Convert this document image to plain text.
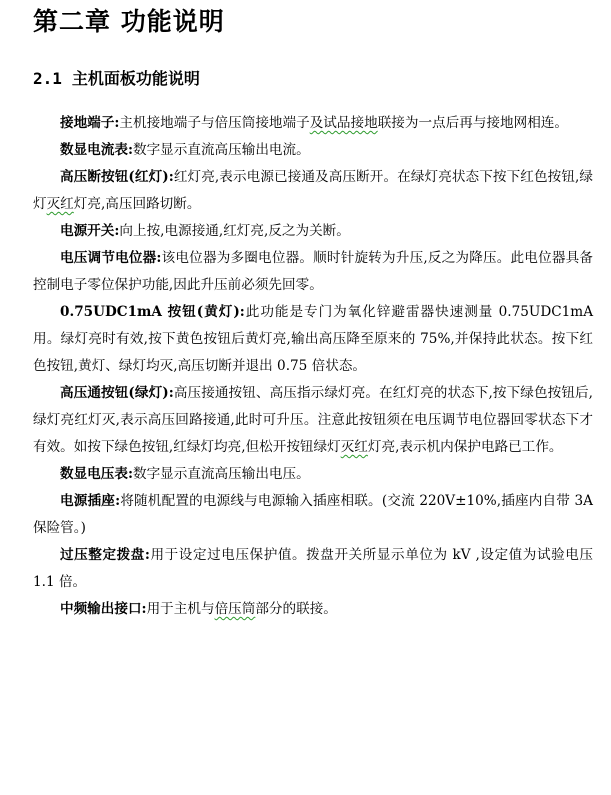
第二章 功能说明
2.1 主机面板功能说明

接地端子:主机接地端子与倍压筒接地端子及试品接地联接为一点后再与接地网相连。

数显电流表:数字显示直流高压输出电流。

高压断按钮(红灯):红灯亮,表示电源已接通及高压断开。在绿灯亮状态下按下红色按钮,绿灯灭红灯亮,高压回路切断。

电源开关:向上按,电源接通,红灯亮,反之为关断。

电压调节电位器:该电位器为多圈电位器。顺时针旋转为升压,反之为降压。此电位器具备控制电子零位保护功能,因此升压前必须先回零。

0.75UDC1mA 按钮(黄灯):此功能是专门为氧化锌避雷器快速测量 0.75UDC1mA 用。绿灯亮时有效,按下黄色按钮后黄灯亮,输出高压降至原来的 75%,并保持此状态。按下红色按钮,黄灯、绿灯均灭,高压切断并退出 0.75 倍状态。

高压通按钮(绿灯):高压接通按钮、高压指示绿灯亮。在红灯亮的状态下,按下绿色按钮后,绿灯亮红灯灭,表示高压回路接通,此时可升压。注意此按钮须在电压调节电位器回零状态下才有效。如按下绿色按钮,红绿灯均亮,但松开按钮绿灯灭红灯亮,表示机内保护电路已工作。

数显电压表:数字显示直流高压输出电压。

电源插座:将随机配置的电源线与电源输入插座相联。(交流 220V±10%,插座内自带 3A 保险管。)

过压整定拨盘:用于设定过电压保护值。拨盘开关所显示单位为 kV ,设定值为试验电压 1.1 倍。

中频输出接口:用于主机与倍压筒部分的联接。
